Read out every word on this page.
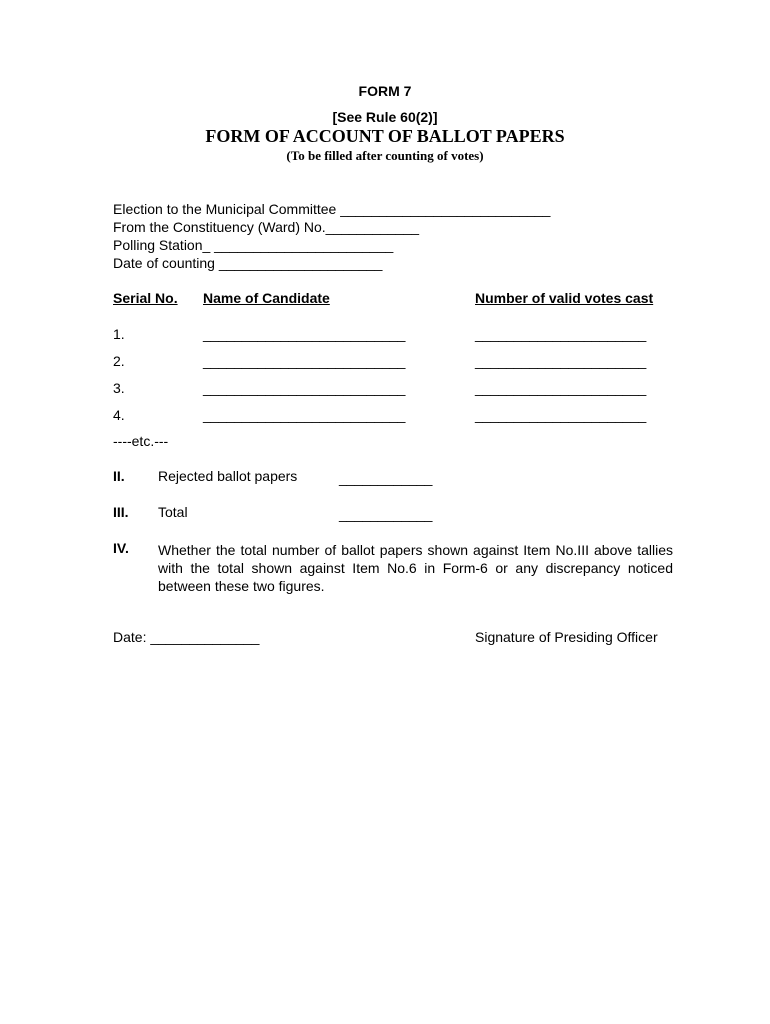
FORM 7
[See Rule 60(2)]
FORM OF ACCOUNT OF BALLOT PAPERS
(To be filled after counting of votes)
Election to the Municipal Committee ___________________________
From the Constituency (Ward) No.____________
Polling Station_ _______________________
Date of counting _____________________
Serial No. Name of Candidate	Number of valid votes cast
1.	__________________________	______________________
2.	__________________________	______________________
3.	__________________________	______________________
4.	__________________________	______________________
----etc.---
II. Rejected ballot papers	____________
III. Total	____________
IV. Whether the total number of ballot papers shown against Item No.III above tallies with the total shown against Item No.6 in Form-6 or any discrepancy noticed between these two figures.
Date: ______________	Signature of Presiding Officer
